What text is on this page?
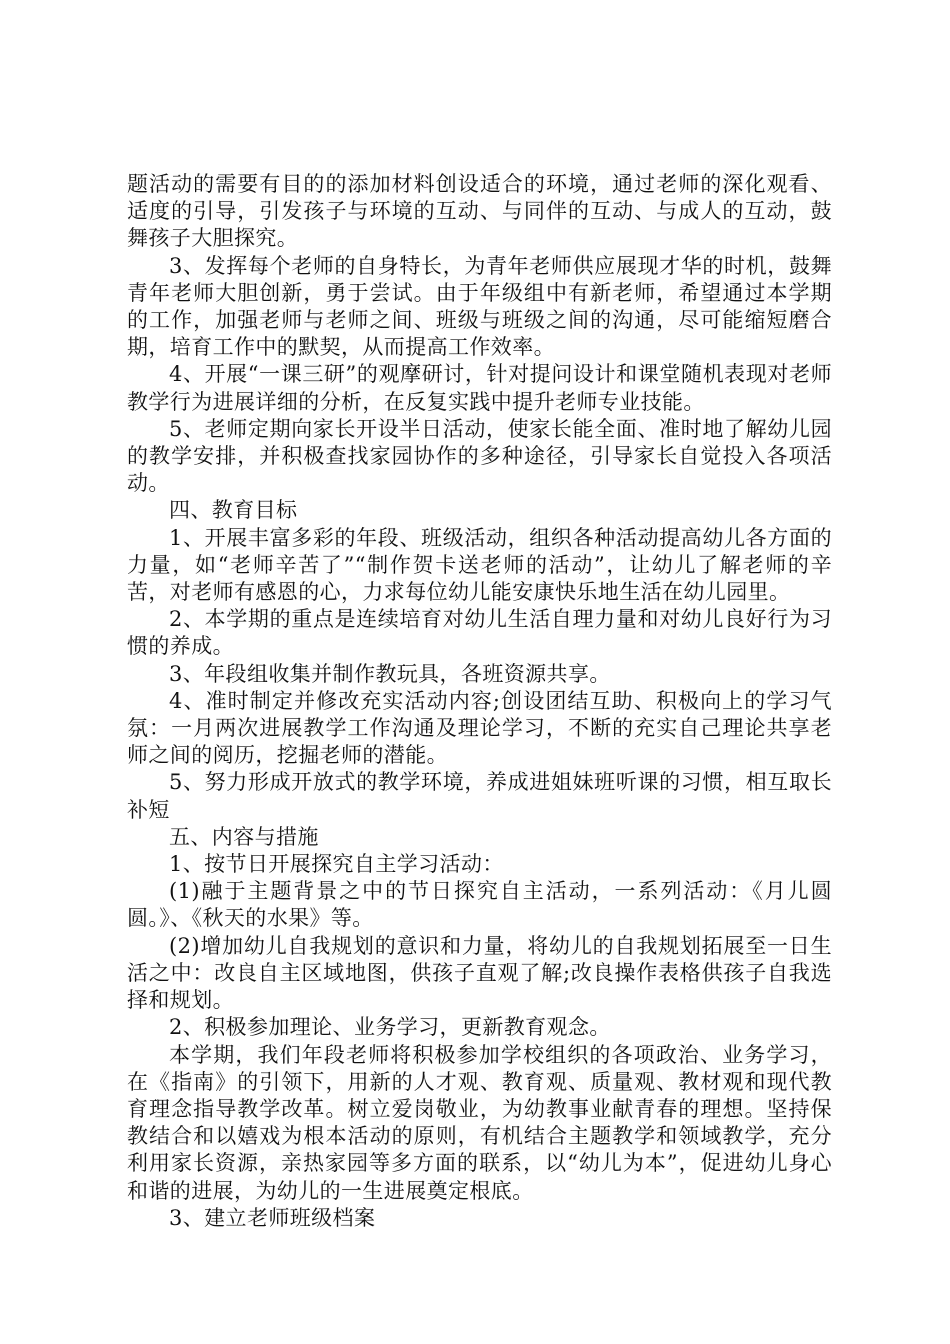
题活动的需要有目的的添加材料创设适合的环境，通过老师的深化观看、适度的引导，引发孩子与环境的互动、与同伴的互动、与成人的互动，鼓舞孩子大胆探究。

3、发挥每个老师的自身特长，为青年老师供应展现才华的时机，鼓舞青年老师大胆创新，勇于尝试。由于年级组中有新老师，希望通过本学期的工作，加强老师与老师之间、班级与班级之间的沟通，尽可能缩短磨合期，培育工作中的默契，从而提高工作效率。

4、开展“一课三研”的观摩研讨，针对提问设计和课堂随机表现对老师教学行为进展详细的分析，在反复实践中提升老师专业技能。

5、老师定期向家长开设半日活动，使家长能全面、准时地了解幼儿园的教学安排，并积极查找家园协作的多种途径，引导家长自觉投入各项活动。

四、教育目标

1、开展丰富多彩的年段、班级活动，组织各种活动提高幼儿各方面的力量，如“老师辛苦了”“制作贺卡送老师的活动”，让幼儿了解老师的辛苦，对老师有感恩的心，力求每位幼儿能安康快乐地生活在幼儿园里。

2、本学期的重点是连续培育对幼儿生活自理力量和对幼儿良好行为习惯的养成。

3、年段组收集并制作教玩具，各班资源共享。

4、准时制定并修改充实活动内容;创设团结互助、积极向上的学习气氛：一月两次进展教学工作沟通及理论学习，不断的充实自己理论共享老师之间的阅历，挖掘老师的潜能。

5、努力形成开放式的教学环境，养成进姐妹班听课的习惯，相互取长补短

五、内容与措施

1、按节日开展探究自主学习活动：

(1)融于主题背景之中的节日探究自主活动，一系列活动：《月儿圆圆。》、《秋天的水果》等。

(2)增加幼儿自我规划的意识和力量，将幼儿的自我规划拓展至一日生活之中：改良自主区域地图，供孩子直观了解;改良操作表格供孩子自我选择和规划。

2、积极参加理论、业务学习，更新教育观念。

本学期，我们年段老师将积极参加学校组织的各项政治、业务学习，在《指南》的引领下，用新的人才观、教育观、质量观、教材观和现代教育理念指导教学改革。树立爱岗敬业，为幼教事业献青春的理想。坚持保教结合和以嬉戏为根本活动的原则，有机结合主题教学和领域教学，充分利用家长资源，亲热家园等多方面的联系，以“幼儿为本”，促进幼儿身心和谐的进展，为幼儿的一生进展奠定根底。

3、建立老师班级档案
